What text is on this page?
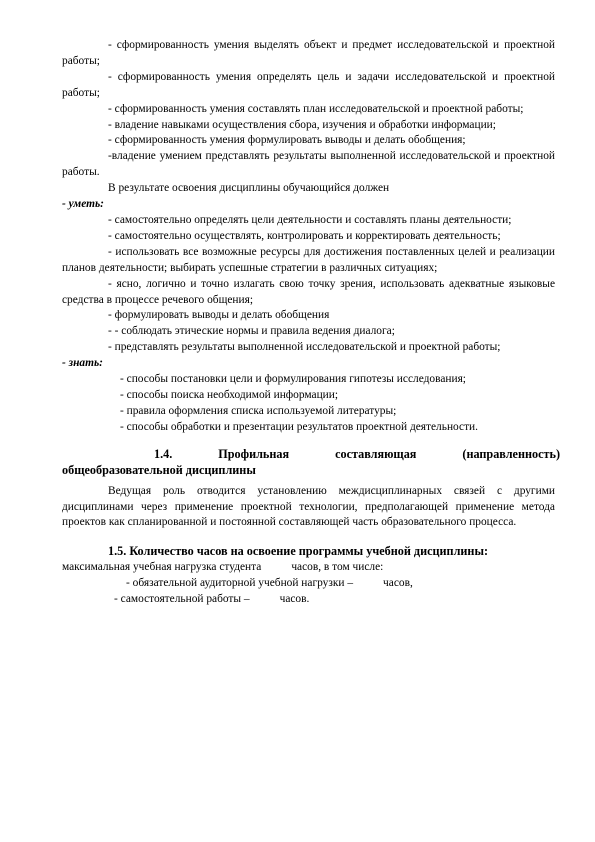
- сформированность умения выделять объект и предмет исследовательской и проектной работы;

- сформированность умения определять цель и задачи исследовательской и проектной работы;

- сформированность умения составлять план исследовательской и проектной работы;

- владение навыками осуществления сбора, изучения и обработки информации;

- сформированность умения формулировать выводы и делать обобщения;

-владение умением представлять результаты выполненной исследовательской и проектной работы.

В результате освоения дисциплины обучающийся должен

- уметь:

- самостоятельно определять цели деятельности и составлять планы деятельности;

- самостоятельно осуществлять, контролировать и корректировать деятельность;

- использовать все возможные ресурсы для достижения поставленных целей и реализации планов деятельности; выбирать успешные стратегии в различных ситуациях;

- ясно, логично и точно излагать свою точку зрения, использовать адекватные языковые средства в процессе речевого общения;

- формулировать выводы и делать обобщения

- - соблюдать этические нормы и правила ведения диалога;

- представлять результаты выполненной исследовательской и проектной работы;

- знать:

- способы постановки цели и формулирования гипотезы исследования;

- способы поиска необходимой информации;

- правила оформления списка используемой литературы;

- способы обработки и презентации результатов проектной деятельности.

1.4.	Профильная	составляющая	(направленность)
общеобразовательной дисциплины

Ведущая роль отводится установлению междисциплинарных связей с другими дисциплинами через применение проектной технологии, предполагающей применение метода проектов как спланированной и постоянной составляющей часть образовательного процесса.

1.5. Количество часов на освоение программы учебной дисциплины:

максимальная учебная нагрузка студента	часов, в том числе:

- обязательной аудиторной учебной нагрузки –	часов,

- самостоятельной работы –	часов.
